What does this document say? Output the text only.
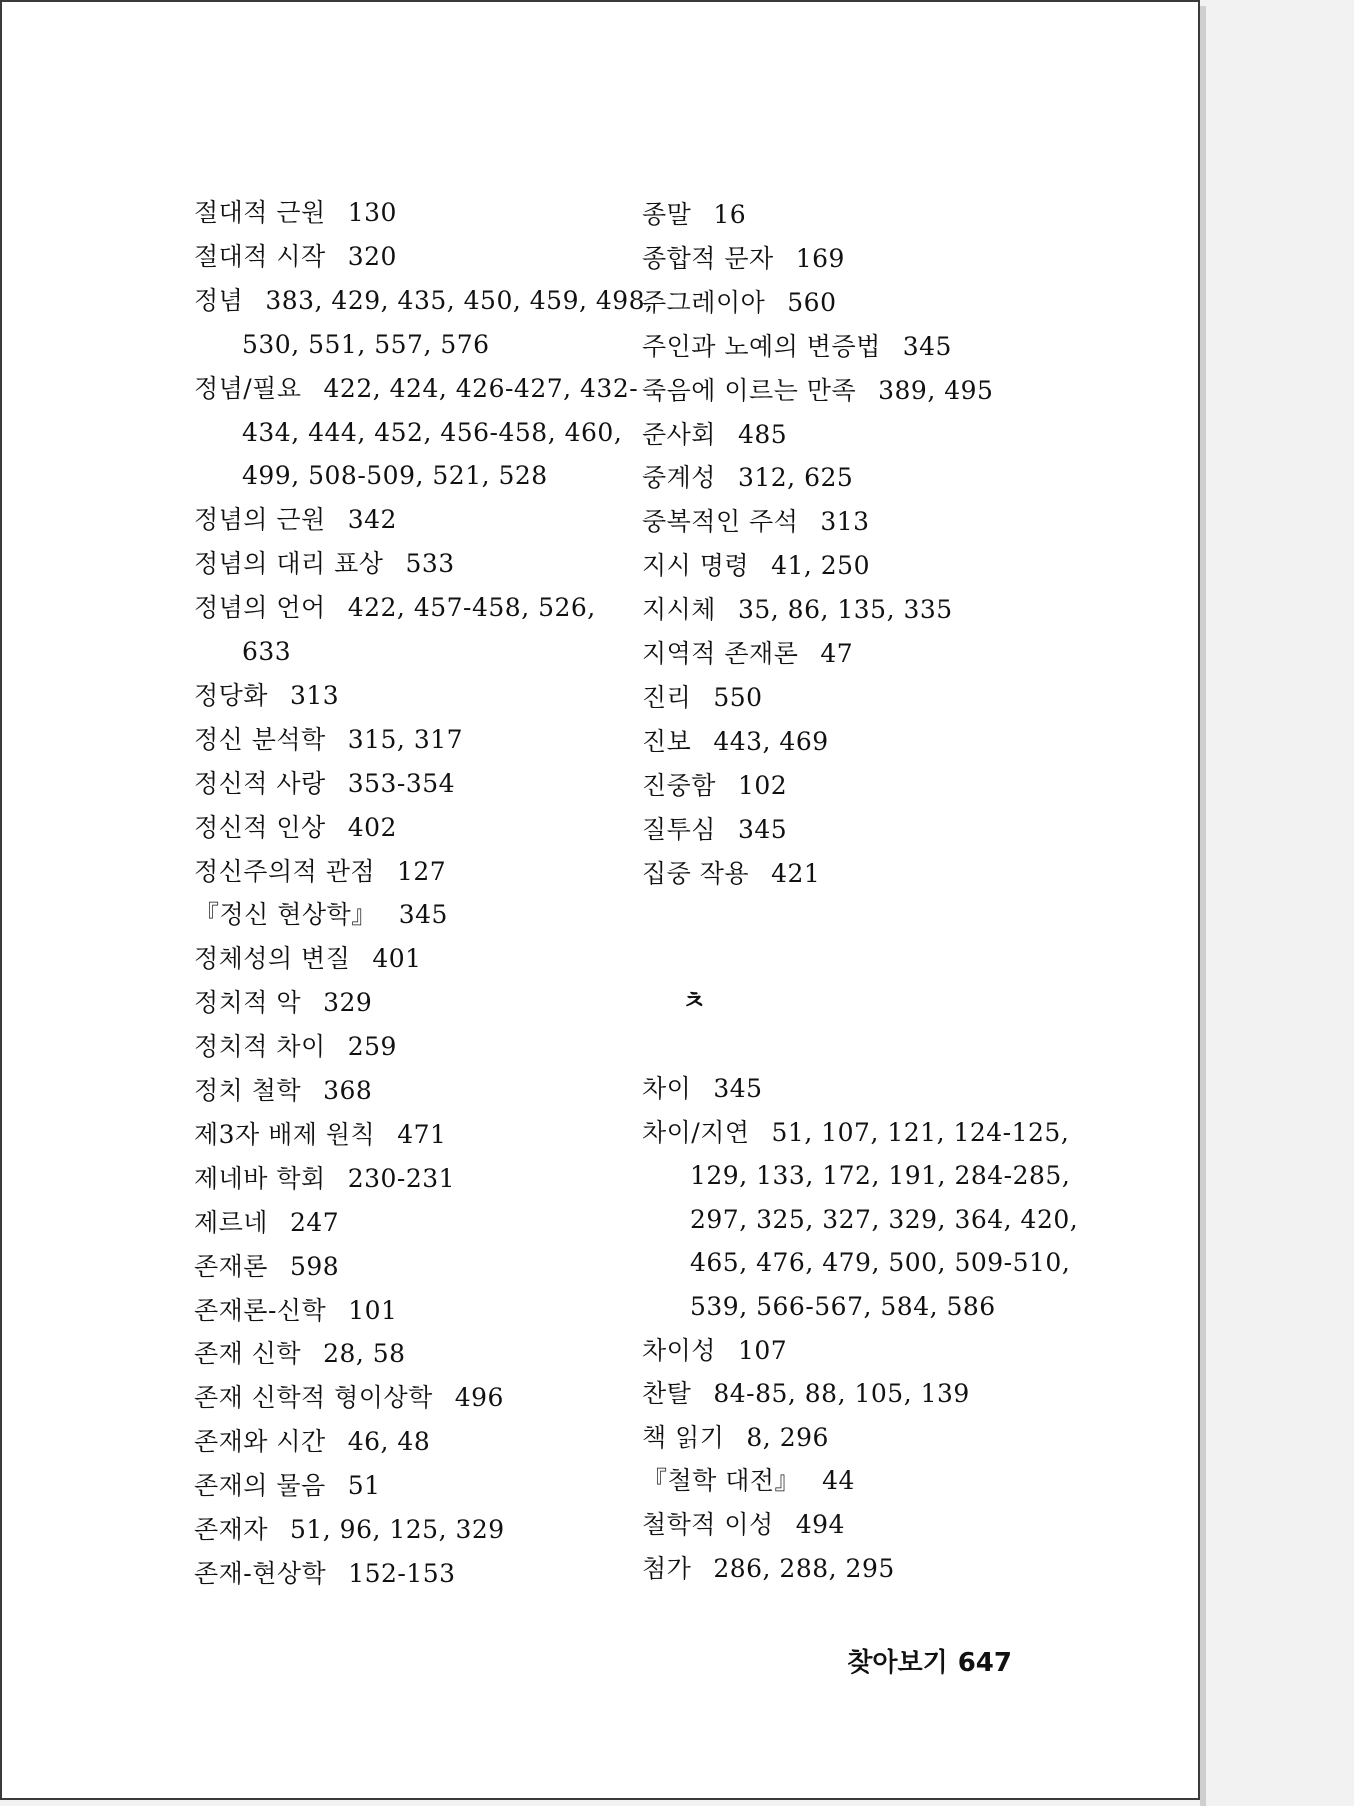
절대적 근원 130
절대적 시작 320
정념 383, 429, 435, 450, 459, 498,
530, 551, 557, 576
정념/필요 422, 424, 426-427, 432-
434, 444, 452, 456-458, 460,
499, 508-509, 521, 528
정념의 근원 342
정념의 대리 표상 533
정념의 언어 422, 457-458, 526,
633
정당화 313
정신 분석학 315, 317
정신적 사랑 353-354
정신적 인상 402
정신주의적 관점 127
『정신 현상학』 345
정체성의 변질 401
정치적 악 329
정치적 차이 259
정치 철학 368
제3자 배제 원칙 471
제네바 학회 230-231
제르네 247
존재론 598
존재론-신학 101
존재 신학 28, 58
존재 신학적 형이상학 496
존재와 시간 46, 48
존재의 물음 51
존재자 51, 96, 125, 329
존재-현상학 152-153
ㅊ
종말 16
종합적 문자 169
주그레이아 560
주인과 노예의 변증법 345
죽음에 이르는 만족 389, 495
준사회 485
중계성 312, 625
중복적인 주석 313
지시 명령 41, 250
지시체 35, 86, 135, 335
지역적 존재론 47
진리 550
진보 443, 469
진중함 102
질투심 345
집중 작용 421
차이 345
차이/지연 51, 107, 121, 124-125,
129, 133, 172, 191, 284-285,
297, 325, 327, 329, 364, 420,
465, 476, 479, 500, 509-510,
539, 566-567, 584, 586
차이성 107
찬탈 84-85, 88, 105, 139
책 읽기 8, 296
『철학 대전』 44
철학적 이성 494
첨가 286, 288, 295
찾아보기 647
